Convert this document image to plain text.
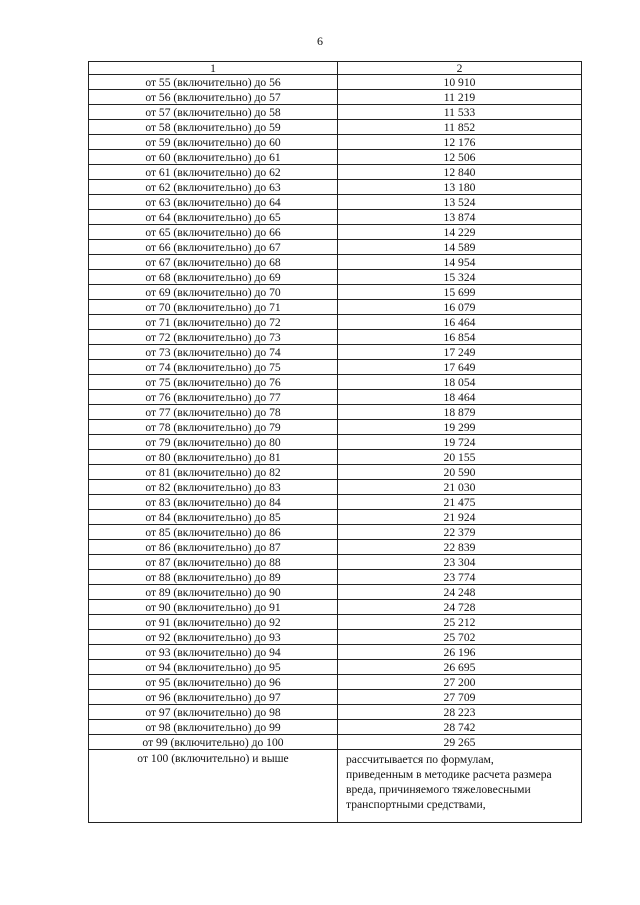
6
1	2
от 55 (включительно) до 56	10 910
от 56 (включительно) до 57	11 219
от 57 (включительно) до 58	11 533
от 58 (включительно) до 59	11 852
от 59 (включительно) до 60	12 176
от 60 (включительно) до 61	12 506
от 61 (включительно) до 62	12 840
от 62 (включительно) до 63	13 180
от 63 (включительно) до 64	13 524
от 64 (включительно) до 65	13 874
от 65 (включительно) до 66	14 229
от 66 (включительно) до 67	14 589
от 67 (включительно) до 68	14 954
от 68 (включительно) до 69	15 324
от 69 (включительно) до 70	15 699
от 70 (включительно) до 71	16 079
от 71 (включительно) до 72	16 464
от 72 (включительно) до 73	16 854
от 73 (включительно) до 74	17 249
от 74 (включительно) до 75	17 649
от 75 (включительно) до 76	18 054
от 76 (включительно) до 77	18 464
от 77 (включительно) до 78	18 879
от 78 (включительно) до 79	19 299
от 79 (включительно) до 80	19 724
от 80 (включительно) до 81	20 155
от 81 (включительно) до 82	20 590
от 82 (включительно) до 83	21 030
от 83 (включительно) до 84	21 475
от 84 (включительно) до 85	21 924
от 85 (включительно) до 86	22 379
от 86 (включительно) до 87	22 839
от 87 (включительно) до 88	23 304
от 88 (включительно) до 89	23 774
от 89 (включительно) до 90	24 248
от 90 (включительно) до 91	24 728
от 91 (включительно) до 92	25 212
от 92 (включительно) до 93	25 702
от 93 (включительно) до 94	26 196
от 94 (включительно) до 95	26 695
от 95 (включительно) до 96	27 200
от 96 (включительно) до 97	27 709
от 97 (включительно) до 98	28 223
от 98 (включительно) до 99	28 742
от 99 (включительно) до 100	29 265
от 100 (включительно) и выше	рассчитывается по формулам,
приведенным в методике расчета размера
вреда, причиняемого тяжеловесными
транспортными средствами,
